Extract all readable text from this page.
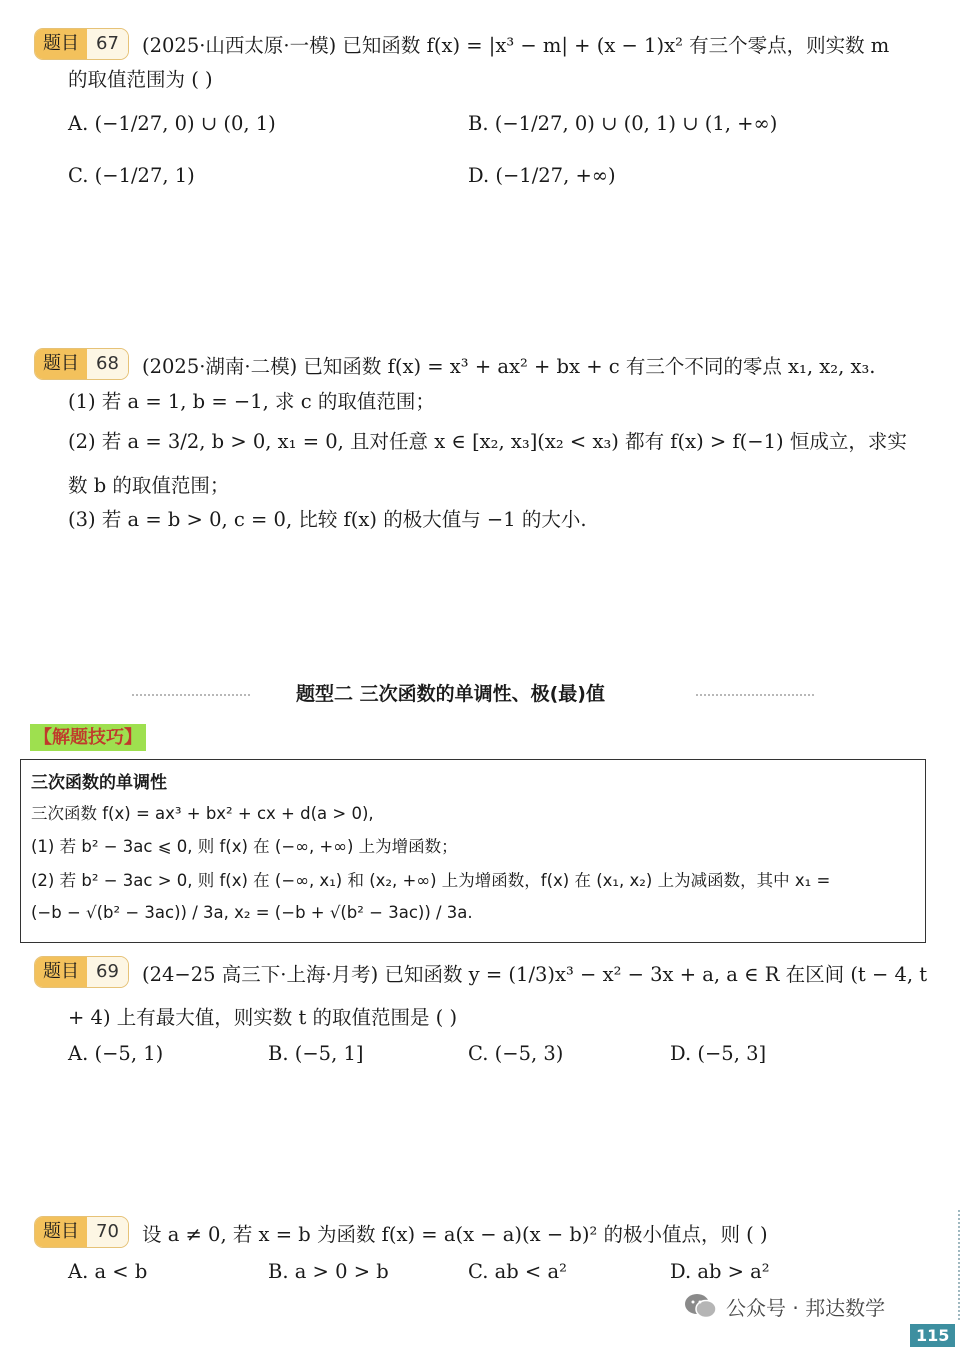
题目 67	(2025·山西太原·一模) 已知函数 f(x) = |x³ − m| + (x − 1)x² 有三个零点，则实数 m
的取值范围为 ( )
A. (−1/27, 0) ∪ (0, 1)	B. (−1/27, 0) ∪ (0, 1) ∪ (1, +∞)
C. (−1/27, 1)	D. (−1/27, +∞)
题目 68	(2025·湖南·二模) 已知函数 f(x) = x³ + ax² + bx + c 有三个不同的零点 x₁, x₂, x₃.
(1) 若 a = 1, b = −1, 求 c 的取值范围；
(2) 若 a = 3/2, b > 0, x₁ = 0, 且对任意 x ∈ [x₂, x₃](x₂ < x₃) 都有 f(x) > f(−1) 恒成立，求实
数 b 的取值范围；
(3) 若 a = b > 0, c = 0, 比较 f(x) 的极大值与 −1 的大小.
题型二 三次函数的单调性、极(最)值
【解题技巧】
三次函数的单调性
三次函数 f(x) = ax³ + bx² + cx + d(a > 0),
(1) 若 b² − 3ac ⩽ 0, 则 f(x) 在 (−∞, +∞) 上为增函数；
(2) 若 b² − 3ac > 0, 则 f(x) 在 (−∞, x₁) 和 (x₂, +∞) 上为增函数，f(x) 在 (x₁, x₂) 上为减函数，其中 x₁ =
(−b − √(b² − 3ac)) / 3a, x₂ = (−b + √(b² − 3ac)) / 3a.
题目 69	(24−25 高三下·上海·月考) 已知函数 y = (1/3)x³ − x² − 3x + a, a ∈ R 在区间 (t − 4, t
+ 4) 上有最大值，则实数 t 的取值范围是 ( )
A. (−5, 1)	B. (−5, 1]	C. (−5, 3)	D. (−5, 3]
题目 70	设 a ≠ 0, 若 x = b 为函数 f(x) = a(x − a)(x − b)² 的极小值点，则 ( )
A. a < b	B. a > 0 > b	C. ab < a²	D. ab > a²
公众号 · 邦达数学
115
